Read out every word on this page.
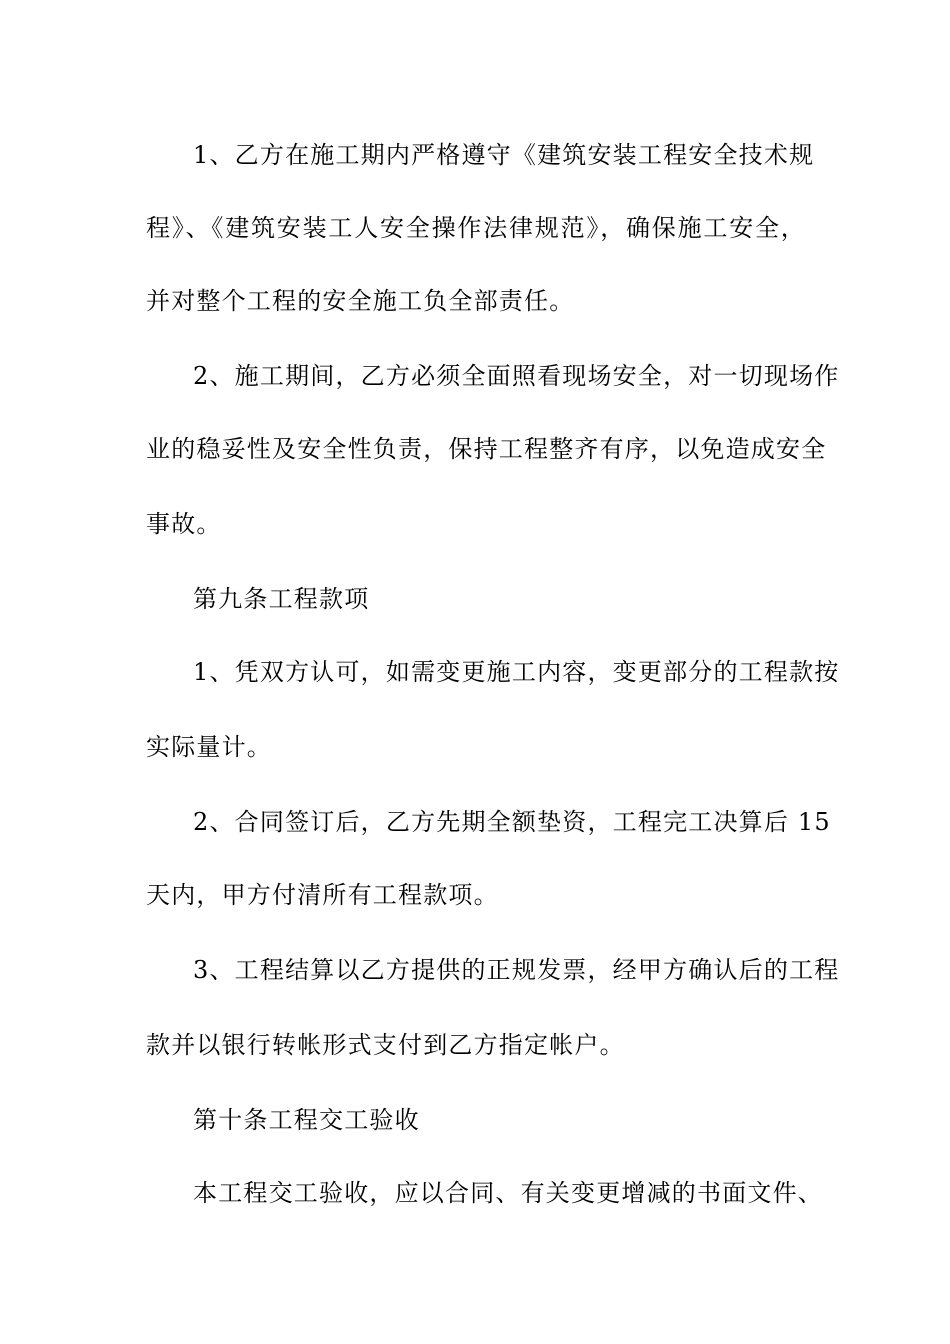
1、乙方在施工期内严格遵守《建筑安装工程安全技术规
程》、《建筑安装工人安全操作法律规范》，确保施工安全，
并对整个工程的安全施工负全部责任。
2、施工期间，乙方必须全面照看现场安全，对一切现场作
业的稳妥性及安全性负责，保持工程整齐有序，以免造成安全
事故。
第九条工程款项
1、凭双方认可，如需变更施工内容，变更部分的工程款按
实际量计。
2、合同签订后，乙方先期全额垫资，工程完工决算后 15
天内，甲方付清所有工程款项。
3、工程结算以乙方提供的正规发票，经甲方确认后的工程
款并以银行转帐形式支付到乙方指定帐户。
第十条工程交工验收
本工程交工验收，应以合同、有关变更增减的书面文件、
